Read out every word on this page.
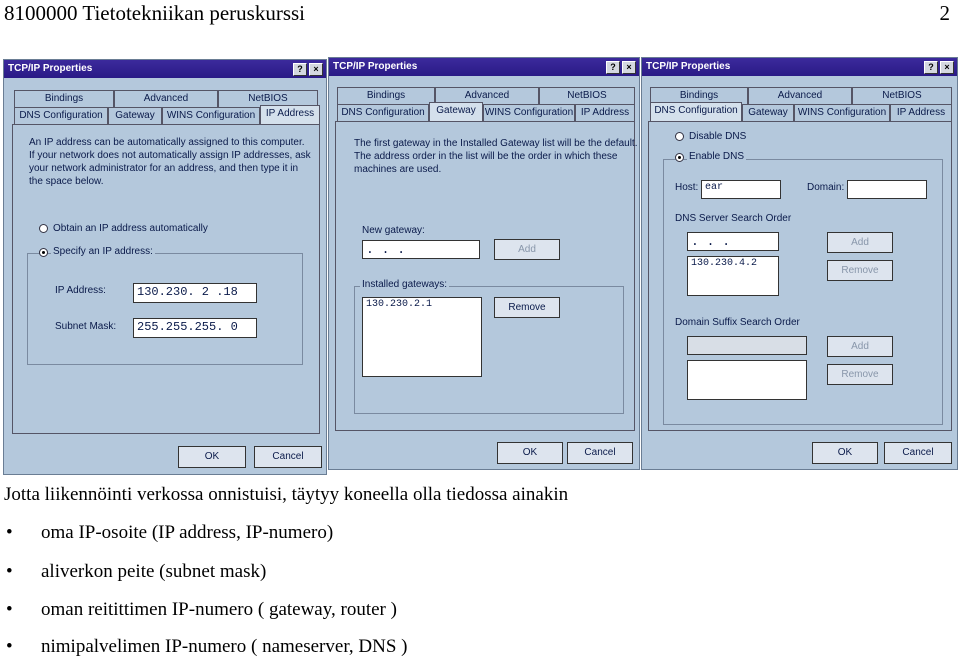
8100000 Tietotekniikan peruskurssi	2
TCP/IP Properties	?	×
Bindings	Advanced	NetBIOS
DNS Configuration	Gateway	WINS Configuration	IP Address
An IP address can be automatically assigned to this computer.
If your network does not automatically assign IP addresses, ask
your network administrator for an address, and then type it in
the space below.
Obtain an IP address automatically
Specify an IP address:
IP Address:	130.230. 2 .18
Subnet Mask:	255.255.255. 0
OK	Cancel
TCP/IP Properties	?	×
Bindings	Advanced	NetBIOS
DNS Configuration	Gateway WINS Configuration IP Address
The first gateway in the Installed Gateway list will be the default.
The address order in the list will be the order in which these
machines are used.
New gateway:
. . .	Add
Installed gateways:
130.230.2.1	Remove
OK	Cancel
TCP/IP Properties	?	×
Bindings	Advanced	NetBIOS
DNS Configuration	Gateway	WINS Configuration	IP Address
Disable DNS
Enable DNS
Host: ear	Domain:
DNS Server Search Order
. . .	Add
130.230.4.2
Remove
Domain Suffix Search Order
Add
Remove
OK	Cancel
Jotta liikennöinti verkossa onnistuisi, täytyy koneella olla tiedossa ainakin
• oma IP-osoite (IP address, IP-numero)
• aliverkon peite (subnet mask)
• oman reitittimen IP-numero ( gateway, router )
• nimipalvelimen IP-numero ( nameserver, DNS )
